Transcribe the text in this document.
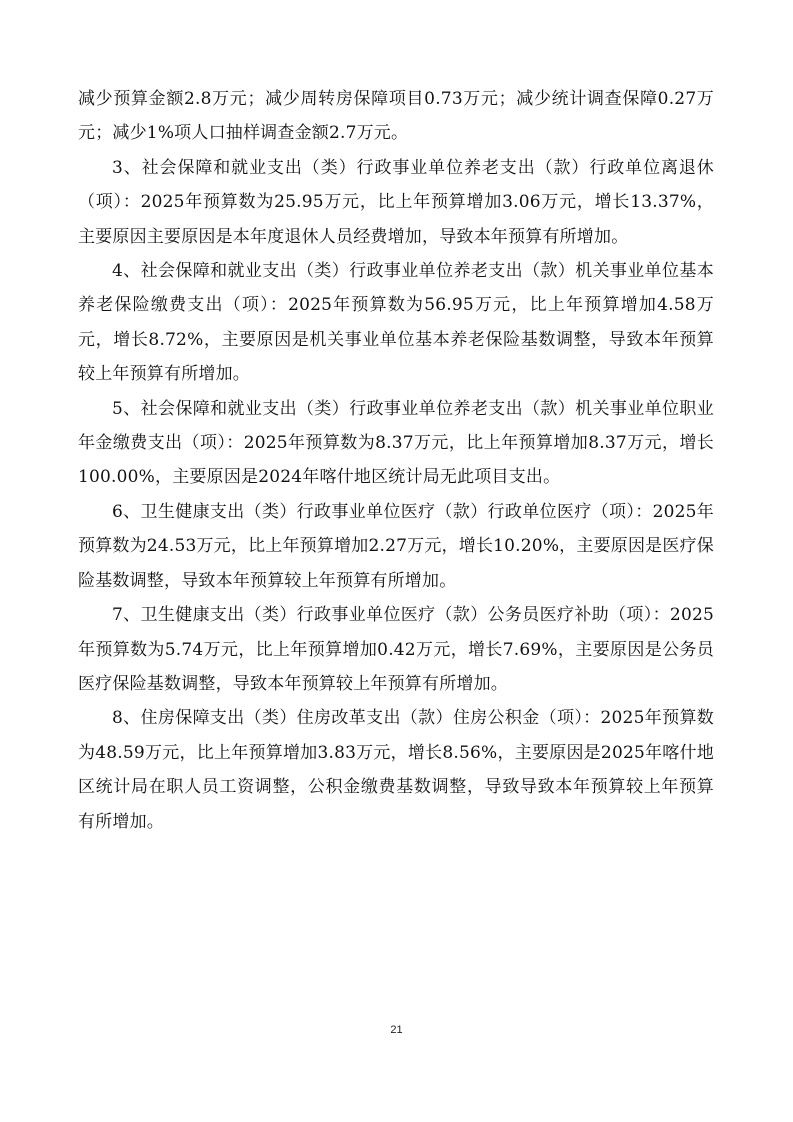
减少预算金额2.8万元；减少周转房保障项目0.73万元；减少统计调查保障0.27万元；减少1%项人口抽样调查金额2.7万元。

3、社会保障和就业支出（类）行政事业单位养老支出（款）行政单位离退休（项）：2025年预算数为25.95万元，比上年预算增加3.06万元，增长13.37%，主要原因主要原因是本年度退休人员经费增加，导致本年预算有所增加。

4、社会保障和就业支出（类）行政事业单位养老支出（款）机关事业单位基本养老保险缴费支出（项）：2025年预算数为56.95万元，比上年预算增加4.58万元，增长8.72%，主要原因是机关事业单位基本养老保险基数调整，导致本年预算较上年预算有所增加。

5、社会保障和就业支出（类）行政事业单位养老支出（款）机关事业单位职业年金缴费支出（项）：2025年预算数为8.37万元，比上年预算增加8.37万元，增长100.00%，主要原因是2024年喀什地区统计局无此项目支出。

6、卫生健康支出（类）行政事业单位医疗（款）行政单位医疗（项）：2025年预算数为24.53万元，比上年预算增加2.27万元，增长10.20%，主要原因是医疗保险基数调整，导致本年预算较上年预算有所增加。

7、卫生健康支出（类）行政事业单位医疗（款）公务员医疗补助（项）：2025年预算数为5.74万元，比上年预算增加0.42万元，增长7.69%，主要原因是公务员医疗保险基数调整，导致本年预算较上年预算有所增加。

8、住房保障支出（类）住房改革支出（款）住房公积金（项）：2025年预算数为48.59万元，比上年预算增加3.83万元，增长8.56%，主要原因是2025年喀什地区统计局在职人员工资调整，公积金缴费基数调整，导致导致本年预算较上年预算有所增加。

21
